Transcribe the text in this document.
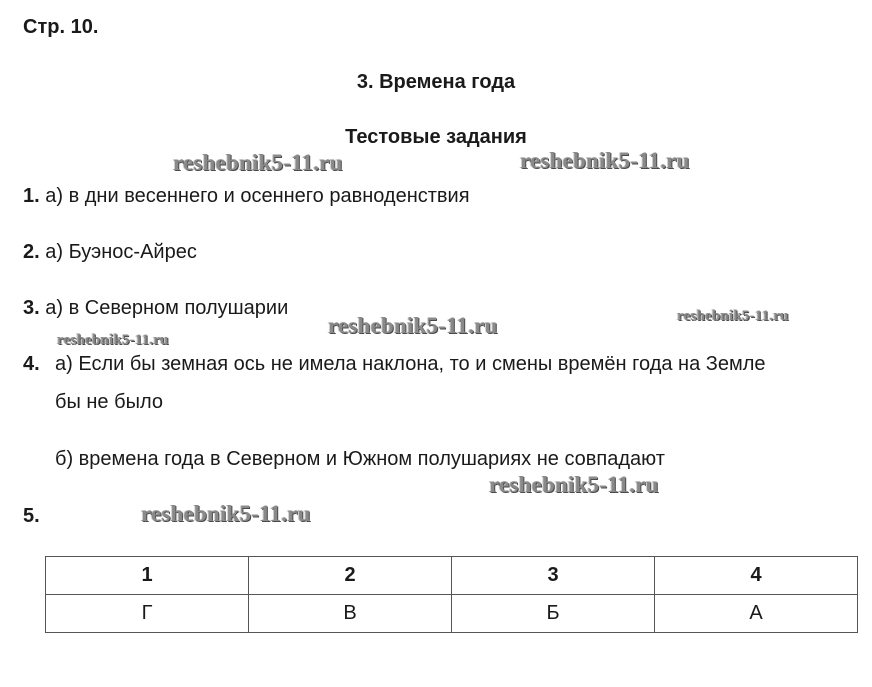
Стр. 10.
3. Времена года
Тестовые задания
reshebnik5-11.ru	reshebnik5-11.ru
reshebnik5-11.ru	reshebnik5-11.ru
reshebnik5-11.ru
reshebnik5-11.ru
reshebnik5-11.ru
1. а) в дни весеннего и осеннего равноденствия
2. а) Буэнос-Айрес
3. а) в Северном полушарии
4. а) Если бы земная ось не имела наклона, то и смены времён года на Земле
бы не было
б) времена года в Северном и Южном полушариях не совпадают
5.
1	2	3	4
Г	В	Б	А
